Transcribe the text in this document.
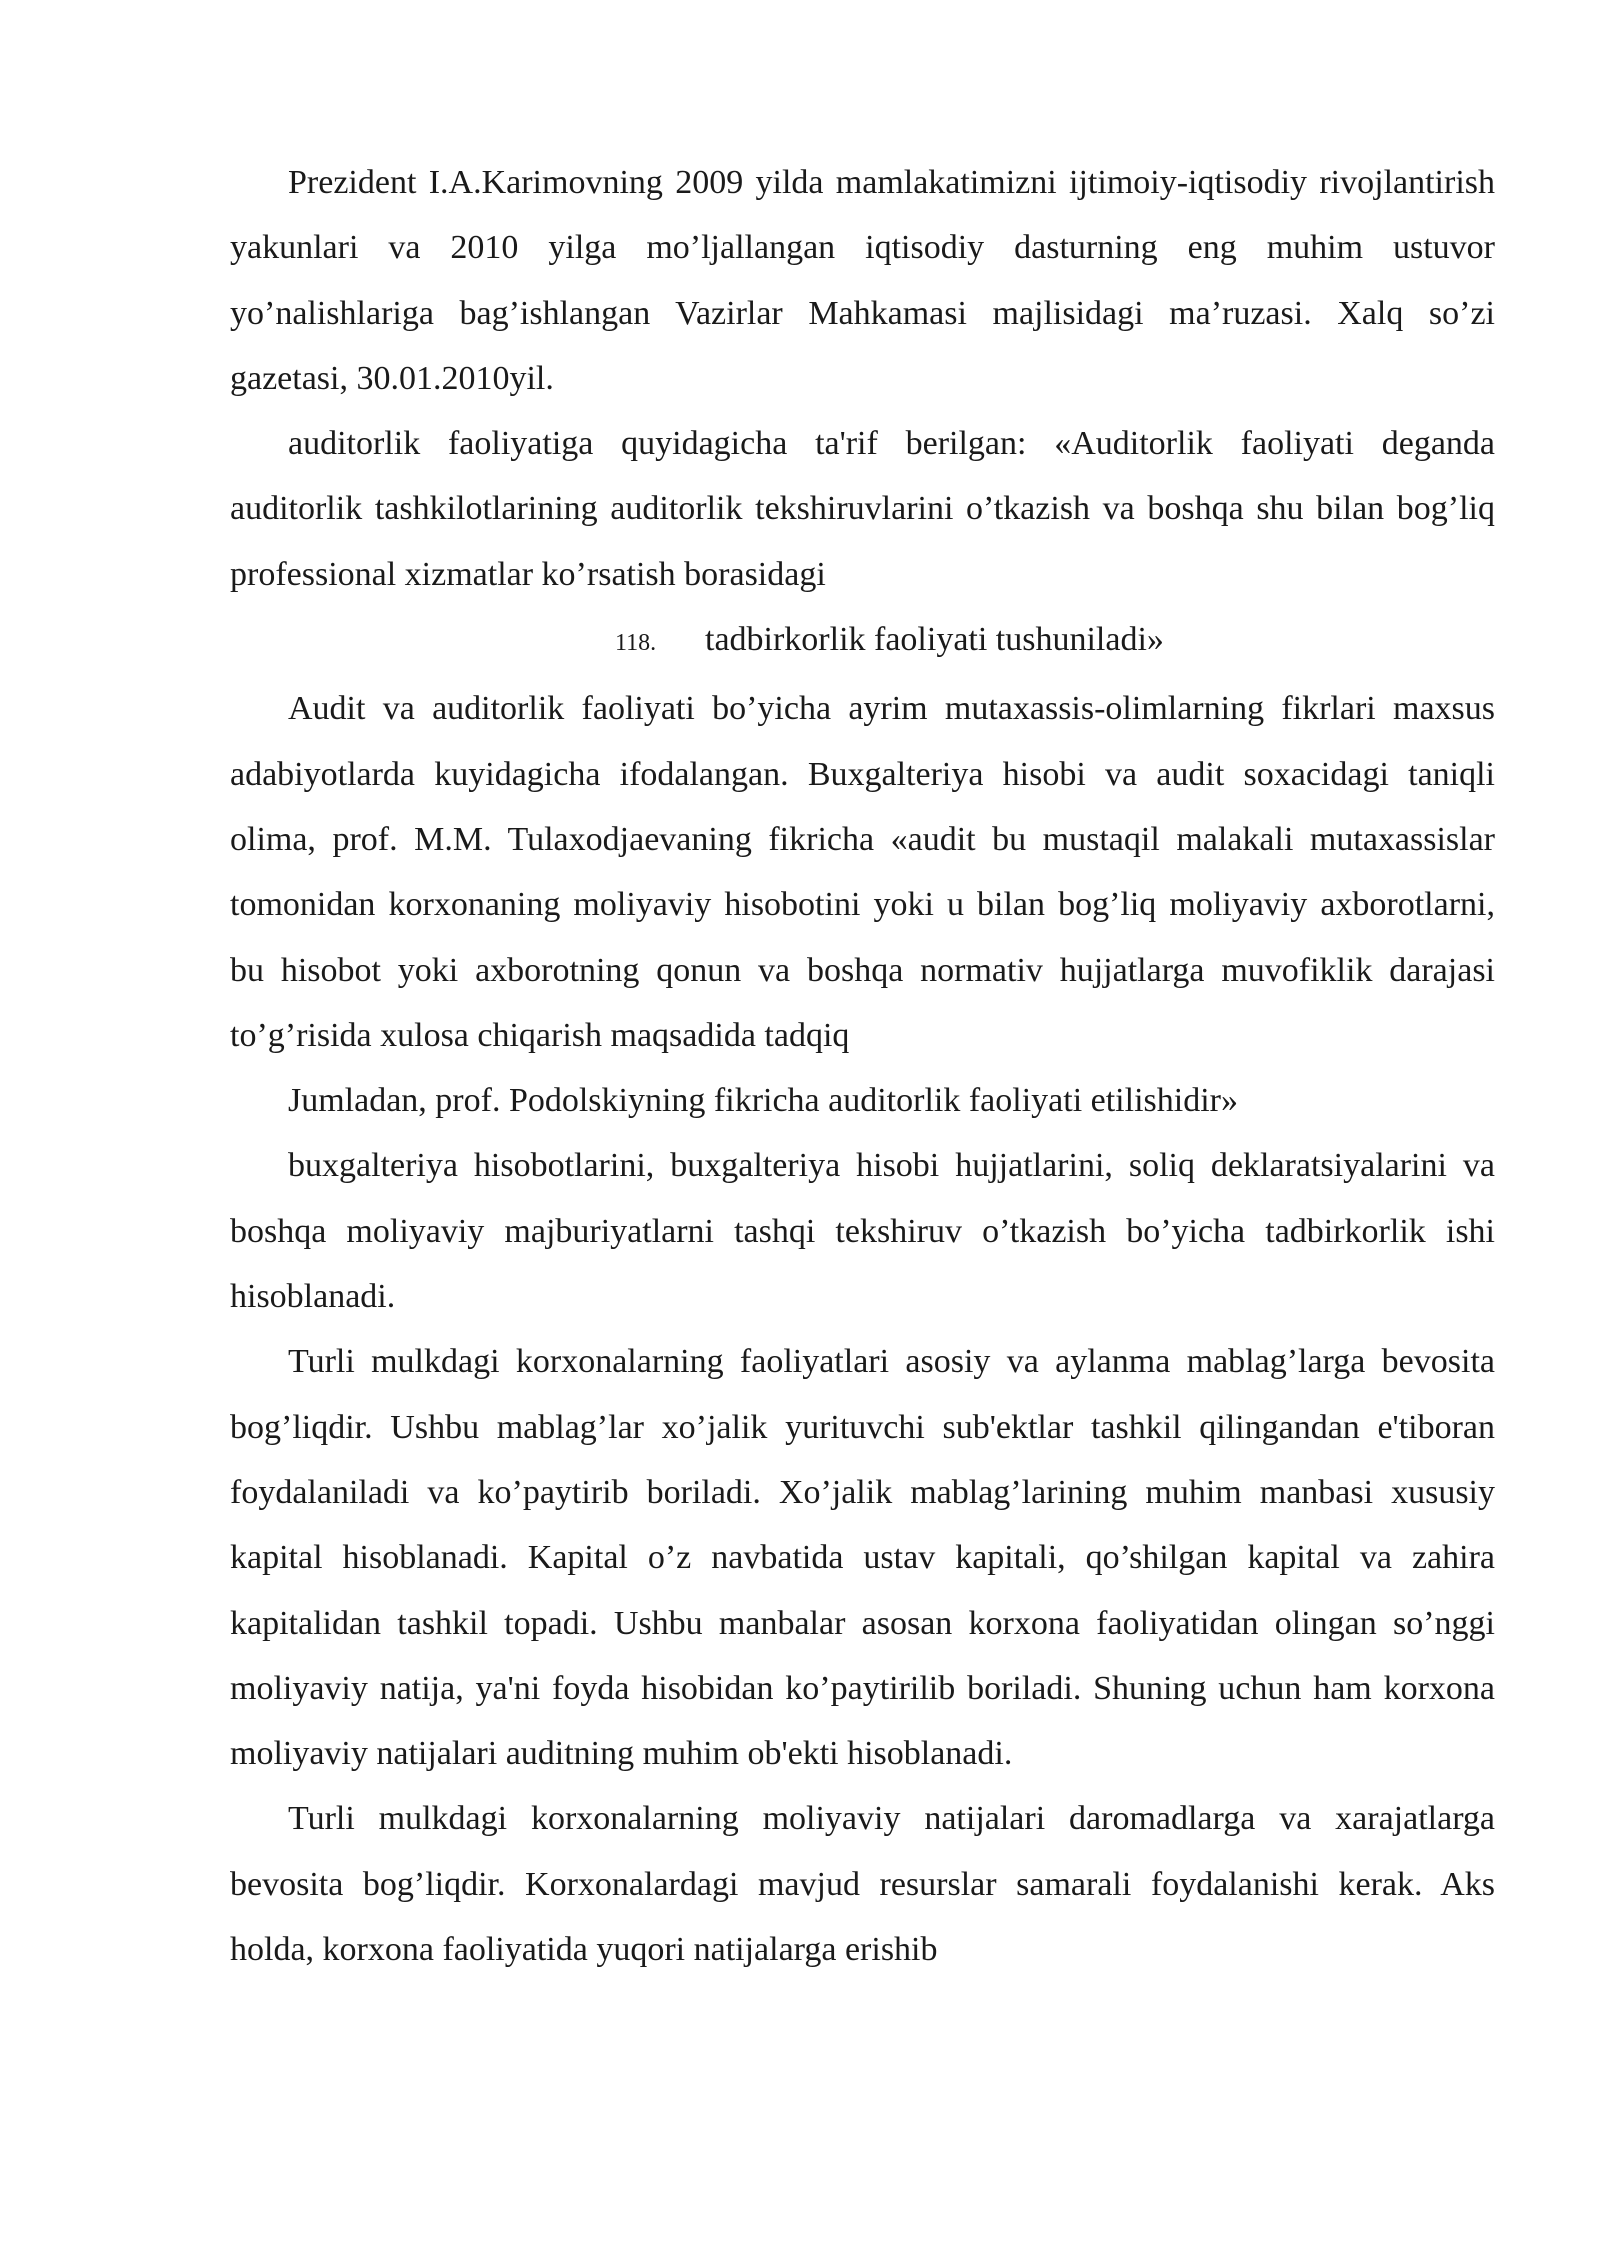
Prezident I.A.Karimovning 2009 yilda mamlakatimizni ijtimoiy-iqtisodiy rivojlantirish yakunlari va 2010 yilga mo’ljallangan iqtisodiy dasturning eng muhim ustuvor yo’nalishlariga bag’ishlangan Vazirlar Mahkamasi majlisidagi ma’ruzasi. Xalq so’zi gazetasi, 30.01.2010yil.

auditorlik faoliyatiga quyidagicha ta'rif berilgan: «Auditorlik faoliyati deganda auditorlik tashkilotlarining auditorlik tekshiruvlarini o’tkazish va boshqa shu bilan bog’liq professional xizmatlar ko’rsatish borasidagi

118. tadbirkorlik faoliyati tushuniladi»

Audit va auditorlik faoliyati bo’yicha ayrim mutaxassis-olimlarning fikrlari maxsus adabiyotlarda kuyidagicha ifodalangan. Buxgalteriya hisobi va audit soxacidagi taniqli olima, prof. M.M. Tulaxodjaevaning fikricha «audit bu mustaqil malakali mutaxassislar tomonidan korxonaning moliyaviy hisobotini yoki u bilan bog’liq moliyaviy axborotlarni, bu hisobot yoki axborotning qonun va boshqa normativ hujjatlarga muvofiklik darajasi to’g’risida xulosa chiqarish maqsadida tadqiq

Jumladan, prof. Podolskiyning fikricha auditorlik faoliyati etilishidir»

buxgalteriya hisobotlarini, buxgalteriya hisobi hujjatlarini, soliq deklaratsiyalarini va boshqa moliyaviy majburiyatlarni tashqi tekshiruv o’tkazish bo’yicha tadbirkorlik ishi hisoblanadi.

Turli mulkdagi korxonalarning faoliyatlari asosiy va aylanma mablag’larga bevosita bog’liqdir. Ushbu mablag’lar xo’jalik yurituvchi sub'ektlar tashkil qilingandan e'tiboran foydalaniladi va ko’paytirib boriladi. Xo’jalik mablag’larining muhim manbasi xususiy kapital hisoblanadi. Kapital o’z navbatida ustav kapitali, qo’shilgan kapital va zahira kapitalidan tashkil topadi. Ushbu manbalar asosan korxona faoliyatidan olingan so’nggi moliyaviy natija, ya'ni foyda hisobidan ko’paytirilib boriladi. Shuning uchun ham korxona moliyaviy natijalari auditning muhim ob'ekti hisoblanadi.

Turli mulkdagi korxonalarning moliyaviy natijalari daromadlarga va xarajatlarga bevosita bog’liqdir. Korxonalardagi mavjud resurslar samarali foydalanishi kerak. Aks holda, korxona faoliyatida yuqori natijalarga erishib
